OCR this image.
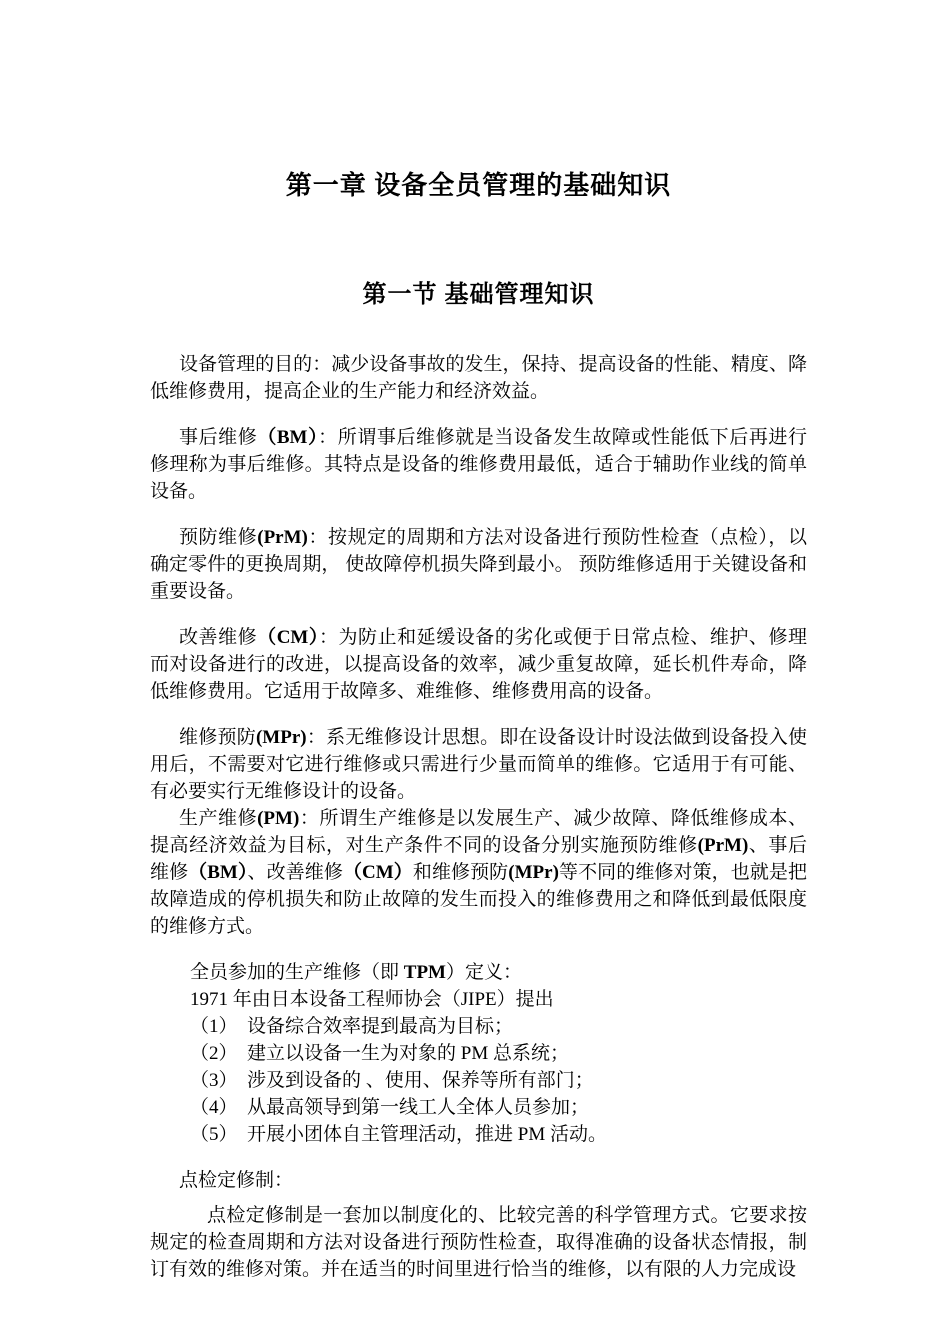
第一章 设备全员管理的基础知识
第一节 基础管理知识

设备管理的目的：减少设备事故的发生，保持、提高设备的性能、精度、降低维修费用，提高企业的生产能力和经济效益。

事后维修（BM）：所谓事后维修就是当设备发生故障或性能低下后再进行修理称为事后维修。其特点是设备的维修费用最低，适合于辅助作业线的简单设备。

预防维修(PrM)：按规定的周期和方法对设备进行预防性检查（点检），以确定零件的更换周期， 使故障停机损失降到最小。 预防维修适用于关键设备和重要设备。

改善维修（CM）：为防止和延缓设备的劣化或便于日常点检、维护、修理而对设备进行的改进，以提高设备的效率，减少重复故障，延长机件寿命，降低维修费用。它适用于故障多、难维修、维修费用高的设备。

维修预防(MPr)：系无维修设计思想。即在设备设计时设法做到设备投入使用后，不需要对它进行维修或只需进行少量而简单的维修。它适用于有可能、有必要实行无维修设计的设备。

生产维修(PM)：所谓生产维修是以发展生产、减少故障、降低维修成本、提高经济效益为目标，对生产条件不同的设备分别实施预防维修(PrM)、事后维修（BM）、改善维修（CM）和维修预防(MPr)等不同的维修对策，也就是把故障造成的停机损失和防止故障的发生而投入的维修费用之和降低到最低限度的维修方式。

全员参加的生产维修（即 TPM）定义：

1971 年由日本设备工程师协会（JIPE）提出

（1）　设备综合效率提到最高为目标；

（2）　建立以设备一生为对象的 PM 总系统；

（3）　涉及到设备的 、使用、保养等所有部门；

（4）　从最高领导到第一线工人全体人员参加；

（5）　开展小团体自主管理活动，推进 PM 活动。

点检定修制：

点检定修制是一套加以制度化的、比较完善的科学管理方式。它要求按规定的检查周期和方法对设备进行预防性检查，取得准确的设备状态情报，制订有效的维修对策。并在适当的时间里进行恰当的维修，以有限的人力完成设
